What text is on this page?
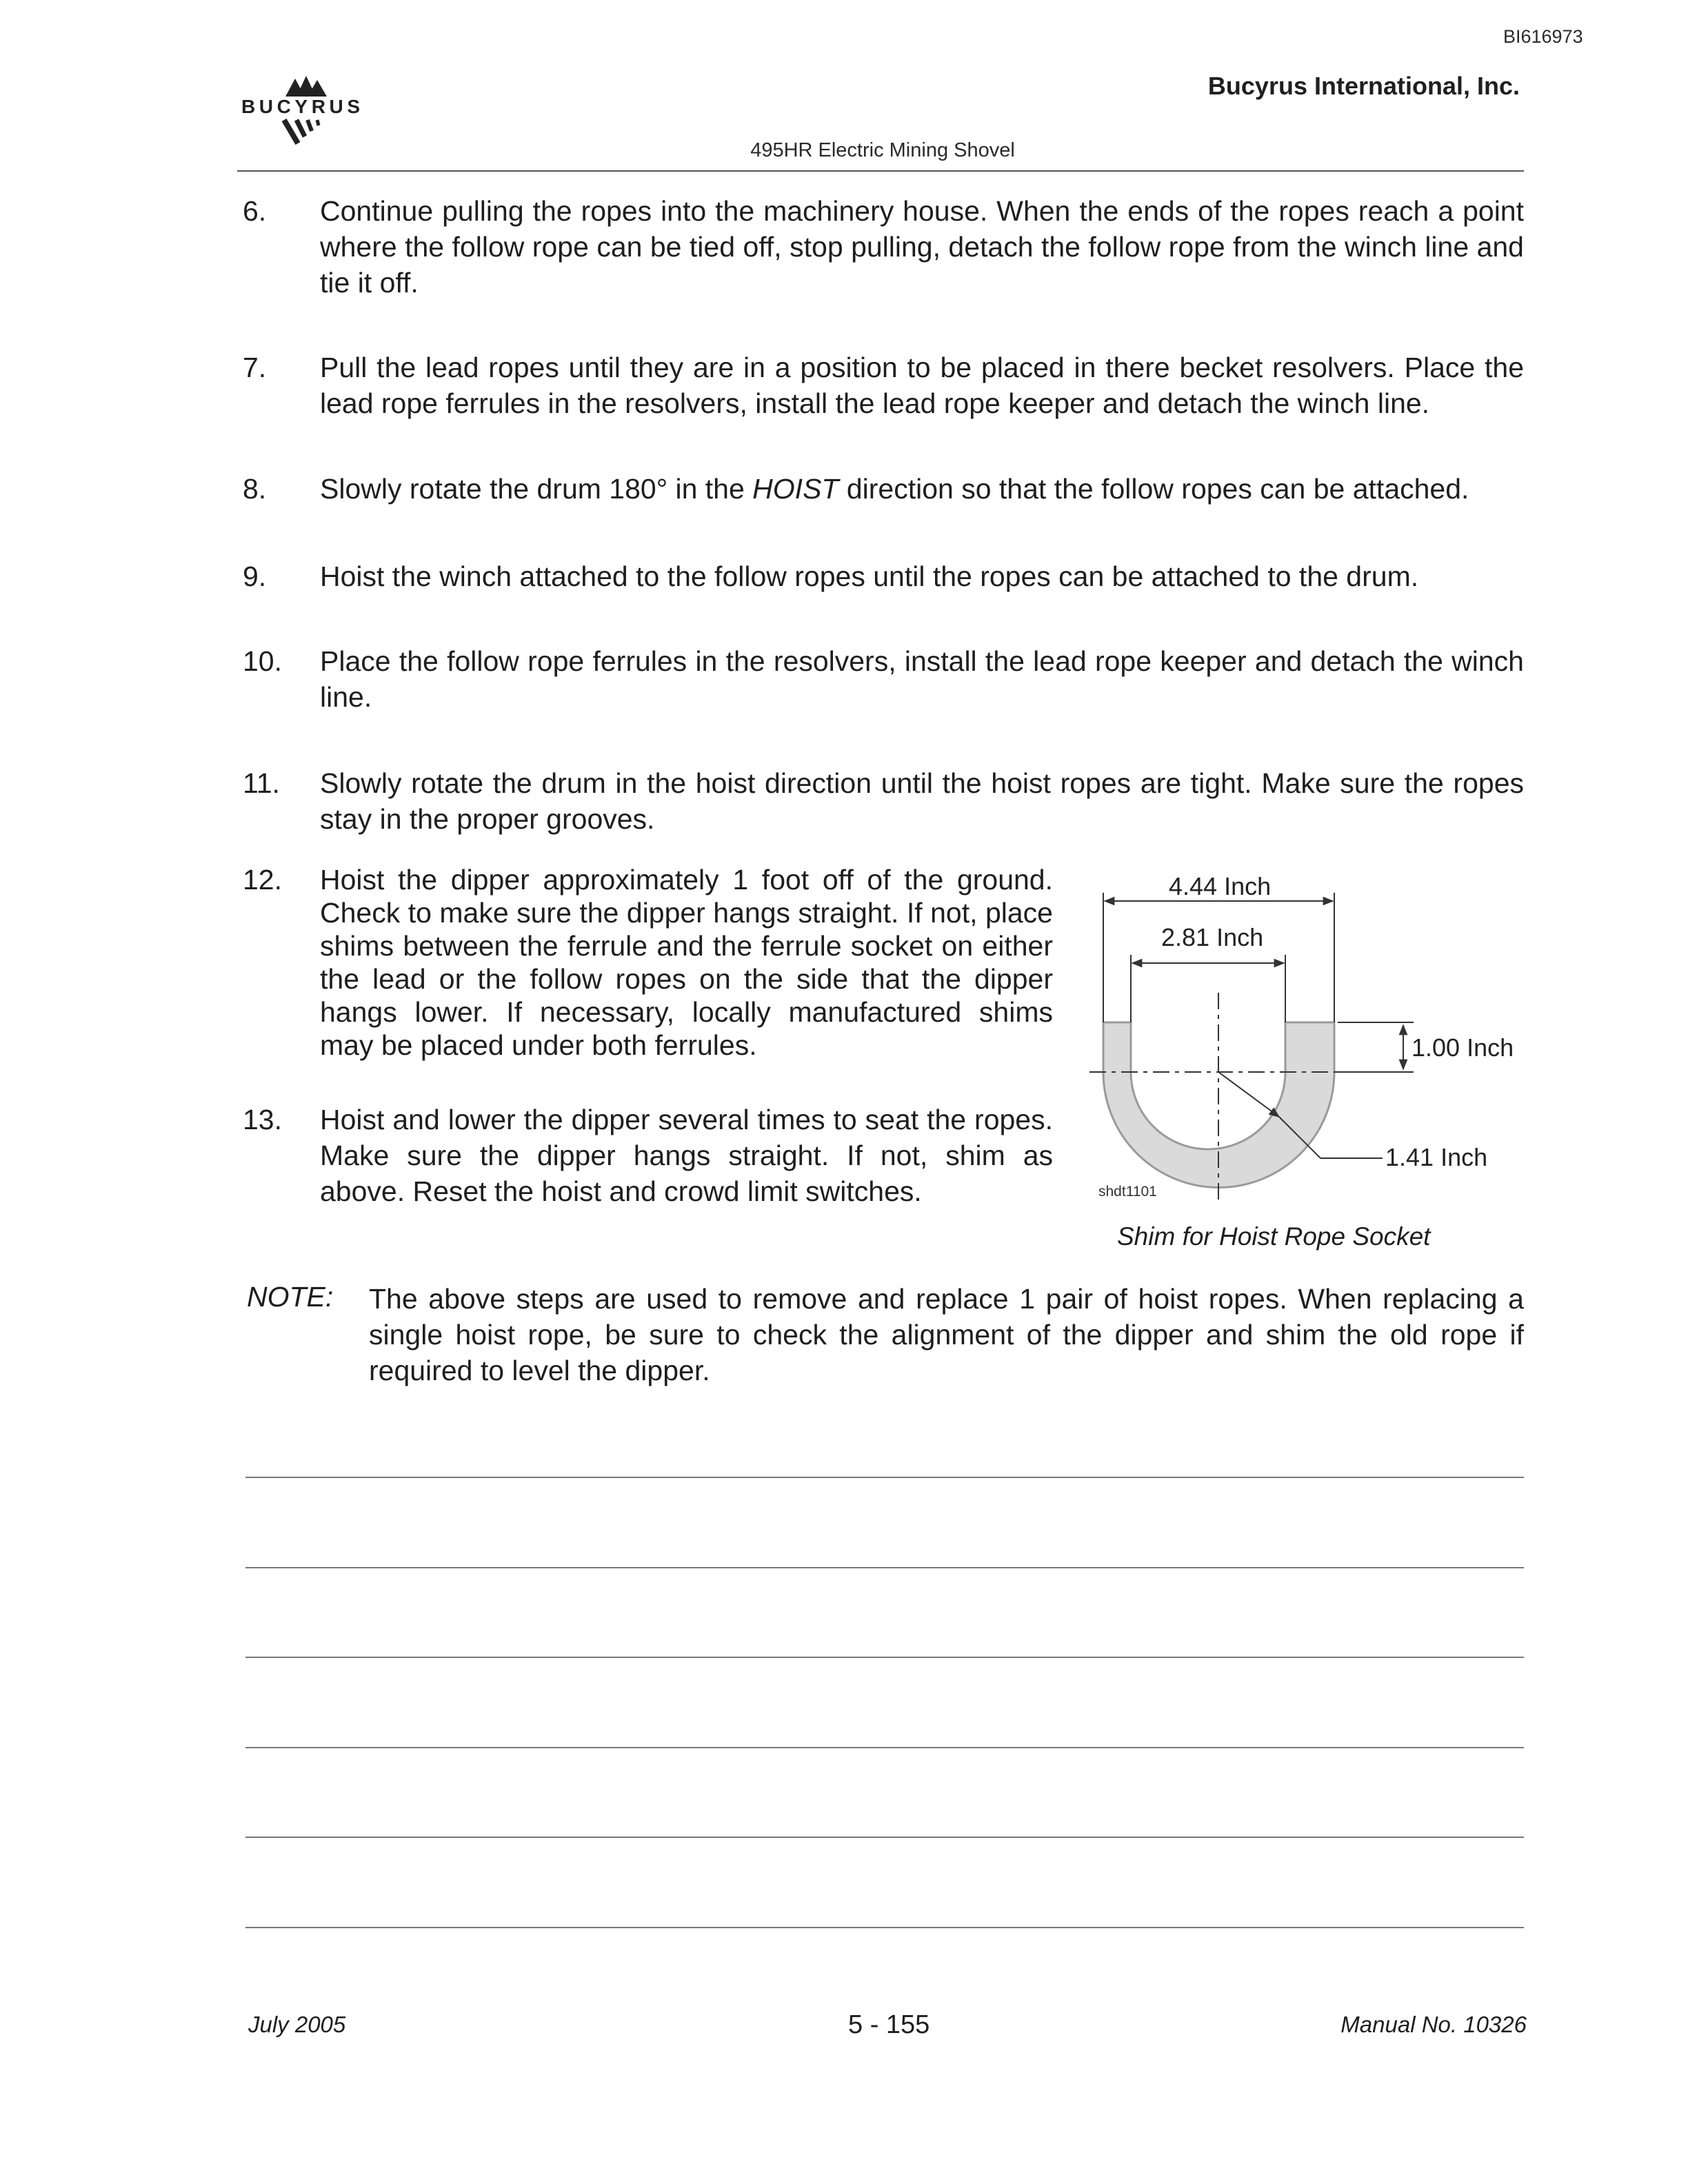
BI616973
BUCYRUS
Bucyrus International, Inc.
495HR Electric Mining Shovel
6. Continue pulling the ropes into the machinery house. When the ends of the ropes reach a point where the follow rope can be tied off, stop pulling, detach the follow rope from the winch line and tie it off.
7. Pull the lead ropes until they are in a position to be placed in there becket resolvers. Place the lead rope ferrules in the resolvers, install the lead rope keeper and detach the winch line.
8. Slowly rotate the drum 180° in the HOIST direction so that the follow ropes can be attached.
9. Hoist the winch attached to the follow ropes until the ropes can be attached to the drum.
10. Place the follow rope ferrules in the resolvers, install the lead rope keeper and detach the winch line.
11. Slowly rotate the drum in the hoist direction until the hoist ropes are tight. Make sure the ropes stay in the proper grooves.
12. Hoist the dipper approximately 1 foot off of the ground. Check to make sure the dipper hangs straight. If not, place shims between the ferrule and the ferrule socket on either the lead or the follow ropes on the side that the dipper hangs lower. If necessary, locally manufactured shims may be placed under both ferrules.
13. Hoist and lower the dipper several times to seat the ropes. Make sure the dipper hangs straight. If not, shim as above. Reset the hoist and crowd limit switches.
4.44 Inch
2.81 Inch
1.00 Inch
1.41 Inch
shdt1101
Shim for Hoist Rope Socket
NOTE: The above steps are used to remove and replace 1 pair of hoist ropes. When replacing a single hoist rope, be sure to check the alignment of the dipper and shim the old rope if required to level the dipper.
July 2005	5 - 155	Manual No. 10326
